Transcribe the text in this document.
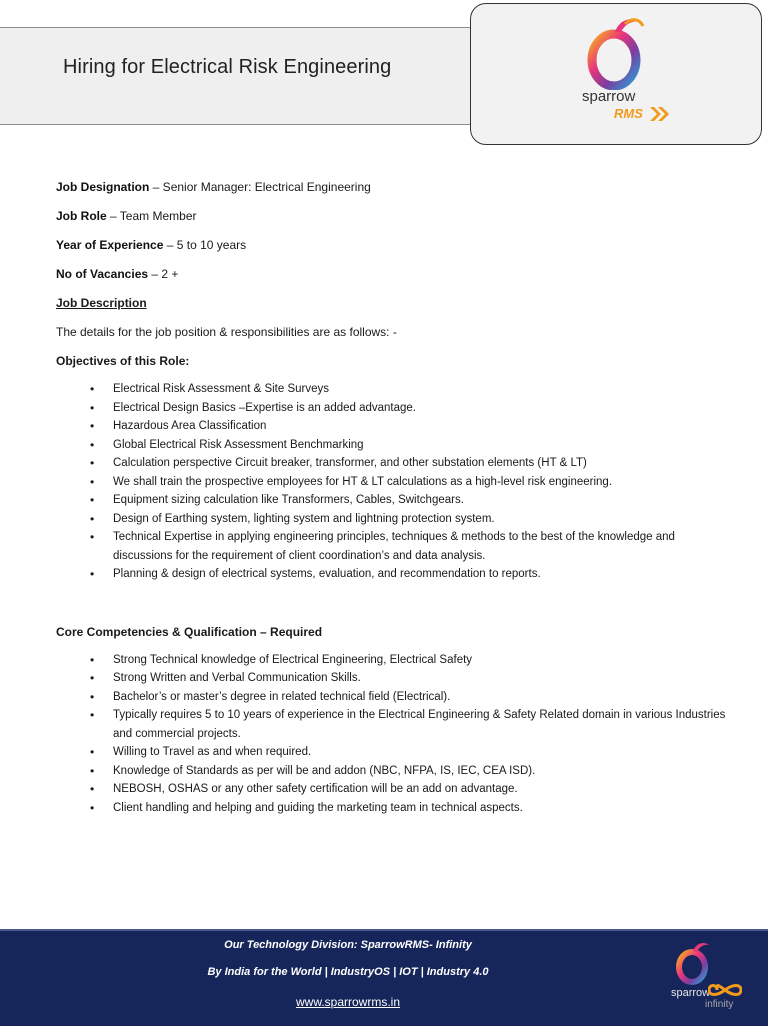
Hiring for Electrical Risk Engineering
sparrow
RMS
Job Designation – Senior Manager: Electrical Engineering
Job Role – Team Member
Year of Experience – 5 to 10 years
No of Vacancies – 2 +
Job Description
The details for the job position & responsibilities are as follows: -
Objectives of this Role:
• Electrical Risk Assessment & Site Surveys
• Electrical Design Basics –Expertise is an added advantage.
• Hazardous Area Classification
• Global Electrical Risk Assessment Benchmarking
• Calculation perspective Circuit breaker, transformer, and other substation elements (HT & LT)
• We shall train the prospective employees for HT & LT calculations as a high-level risk engineering.
• Equipment sizing calculation like Transformers, Cables, Switchgears.
• Design of Earthing system, lighting system and lightning protection system.
• Technical Expertise in applying engineering principles, techniques & methods to the best of the knowledge and discussions for the requirement of client coordination’s and data analysis.
• Planning & design of electrical systems, evaluation, and recommendation to reports.
Core Competencies & Qualification – Required
• Strong Technical knowledge of Electrical Engineering, Electrical Safety
• Strong Written and Verbal Communication Skills.
• Bachelor’s or master’s degree in related technical field (Electrical).
• Typically requires 5 to 10 years of experience in the Electrical Engineering & Safety Related domain in various Industries and commercial projects.
• Willing to Travel as and when required.
• Knowledge of Standards as per will be and addon (NBC, NFPA, IS, IEC, CEA ISD).
• NEBOSH, OSHAS or any other safety certification will be an add on advantage.
• Client handling and helping and guiding the marketing team in technical aspects.
Our Technology Division: SparrowRMS- Infinity
By India for the World | IndustryOS | IOT | Industry 4.0
www.sparrowrms.in
sparrow
infinity
